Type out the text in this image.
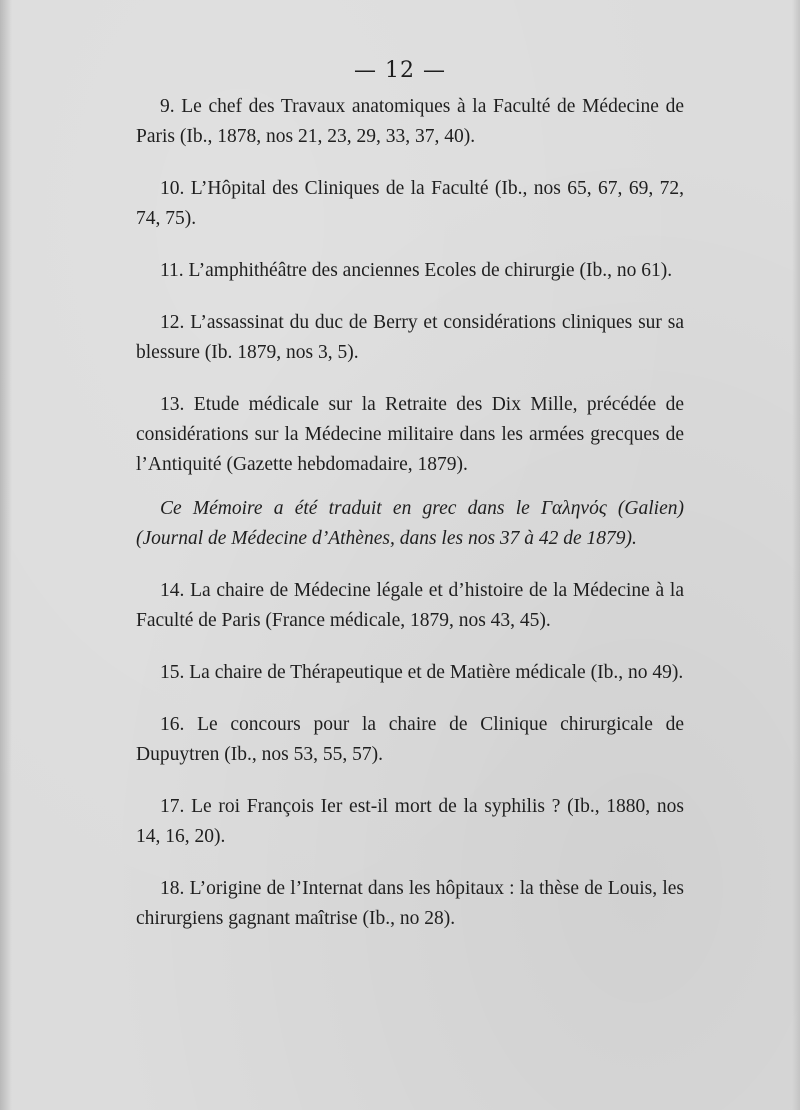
— 12 —

9. Le chef des Travaux anatomiques à la Faculté de Médecine de Paris (Ib., 1878, nos 21, 23, 29, 33, 37, 40).

10. L’Hôpital des Cliniques de la Faculté (Ib., nos 65, 67, 69, 72, 74, 75).

11. L’amphithéâtre des anciennes Ecoles de chirurgie (Ib., no 61).

12. L’assassinat du duc de Berry et considérations cliniques sur sa blessure (Ib. 1879, nos 3, 5).

13. Etude médicale sur la Retraite des Dix Mille, précédée de considérations sur la Médecine militaire dans les armées grecques de l’Antiquité (Gazette hebdomadaire, 1879).

Ce Mémoire a été traduit en grec dans le Γαληνός (Galien) (Journal de Médecine d’Athènes, dans les nos 37 à 42 de 1879).

14. La chaire de Médecine légale et d’histoire de la Médecine à la Faculté de Paris (France médicale, 1879, nos 43, 45).

15. La chaire de Thérapeutique et de Matière médicale (Ib., no 49).

16. Le concours pour la chaire de Clinique chirurgicale de Dupuytren (Ib., nos 53, 55, 57).

17. Le roi François Ier est-il mort de la syphilis ? (Ib., 1880, nos 14, 16, 20).

18. L’origine de l’Internat dans les hôpitaux : la thèse de Louis, les chirurgiens gagnant maîtrise (Ib., no 28).
